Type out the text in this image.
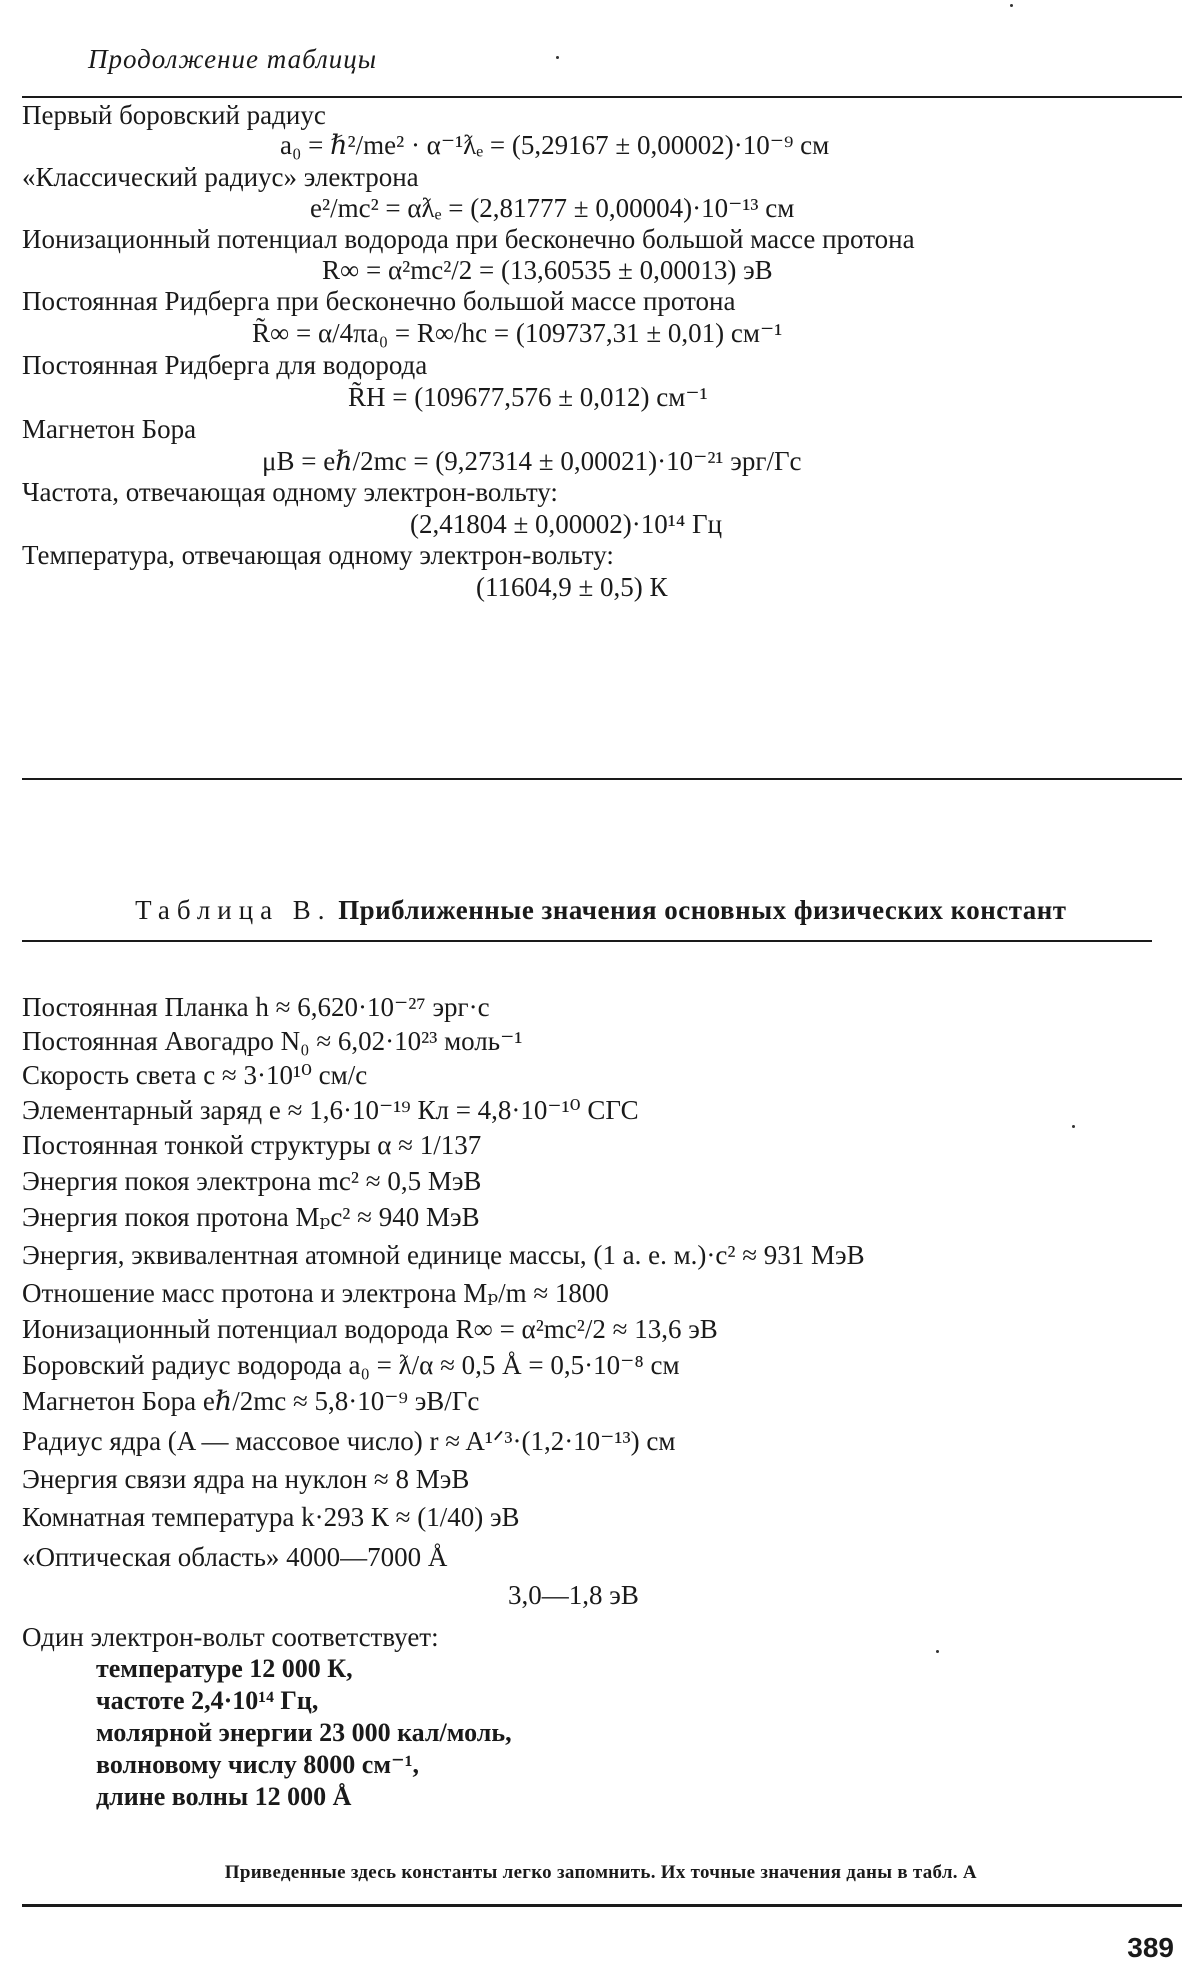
Продолжение таблицы
Первый боровский радиус
a₀ = ℏ²/me² · α⁻¹ƛₑ = (5,29167 ± 0,00002)·10⁻⁹ см
«Классический радиус» электрона
e²/mc² = αƛₑ = (2,81777 ± 0,00004)·10⁻¹³ см
Ионизационный потенциал водорода при бесконечно большой массе протона
R∞ = α²mc²/2 = (13,60535 ± 0,00013) эВ
Постоянная Ридберга при бесконечно большой массе протона
R̃∞ = α/4πa₀ = R∞/hc = (109737,31 ± 0,01) см⁻¹
Постоянная Ридберга для водорода
R̃H = (109677,576 ± 0,012) см⁻¹
Магнетон Бора
μB = eℏ/2mc = (9,27314 ± 0,00021)·10⁻²¹ эрг/Гс
Частота, отвечающая одному электрон-вольту:
(2,41804 ± 0,00002)·10¹⁴ Гц
Температура, отвечающая одному электрон-вольту:
(11604,9 ± 0,5) К
Таблица В. Приближенные значения основных физических констант
Постоянная Планка h ≈ 6,620·10⁻²⁷ эрг·с
Постоянная Авогадро N₀ ≈ 6,02·10²³ моль⁻¹
Скорость света c ≈ 3·10¹⁰ см/с
Элементарный заряд e ≈ 1,6·10⁻¹⁹ Кл = 4,8·10⁻¹⁰ СГС
Постоянная тонкой структуры α ≈ 1/137
Энергия покоя электрона mc² ≈ 0,5 МэВ
Энергия покоя протона Mₚc² ≈ 940 МэВ
Энергия, эквивалентная атомной единице массы, (1 а. е. м.)·c² ≈ 931 МэВ
Отношение масс протона и электрона Mₚ/m ≈ 1800
Ионизационный потенциал водорода R∞ = α²mc²/2 ≈ 13,6 эВ
Боровский радиус водорода a₀ = ƛ/α ≈ 0,5 Å = 0,5·10⁻⁸ см
Магнетон Бора eℏ/2mc ≈ 5,8·10⁻⁹ эВ/Гс
Радиус ядра (A — массовое число) r ≈ A¹ᐟ³·(1,2·10⁻¹³) см
Энергия связи ядра на нуклон ≈ 8 МэВ
Комнатная температура k·293 К ≈ (1/40) эВ
«Оптическая область» 4000—7000 Å
3,0—1,8 эВ
Один электрон-вольт соответствует:
температуре 12 000 К,
частоте 2,4·10¹⁴ Гц,
молярной энергии 23 000 кал/моль,
волновому числу 8000 см⁻¹,
длине волны 12 000 Å
Приведенные здесь константы легко запомнить. Их точные значения даны в табл. А
389
